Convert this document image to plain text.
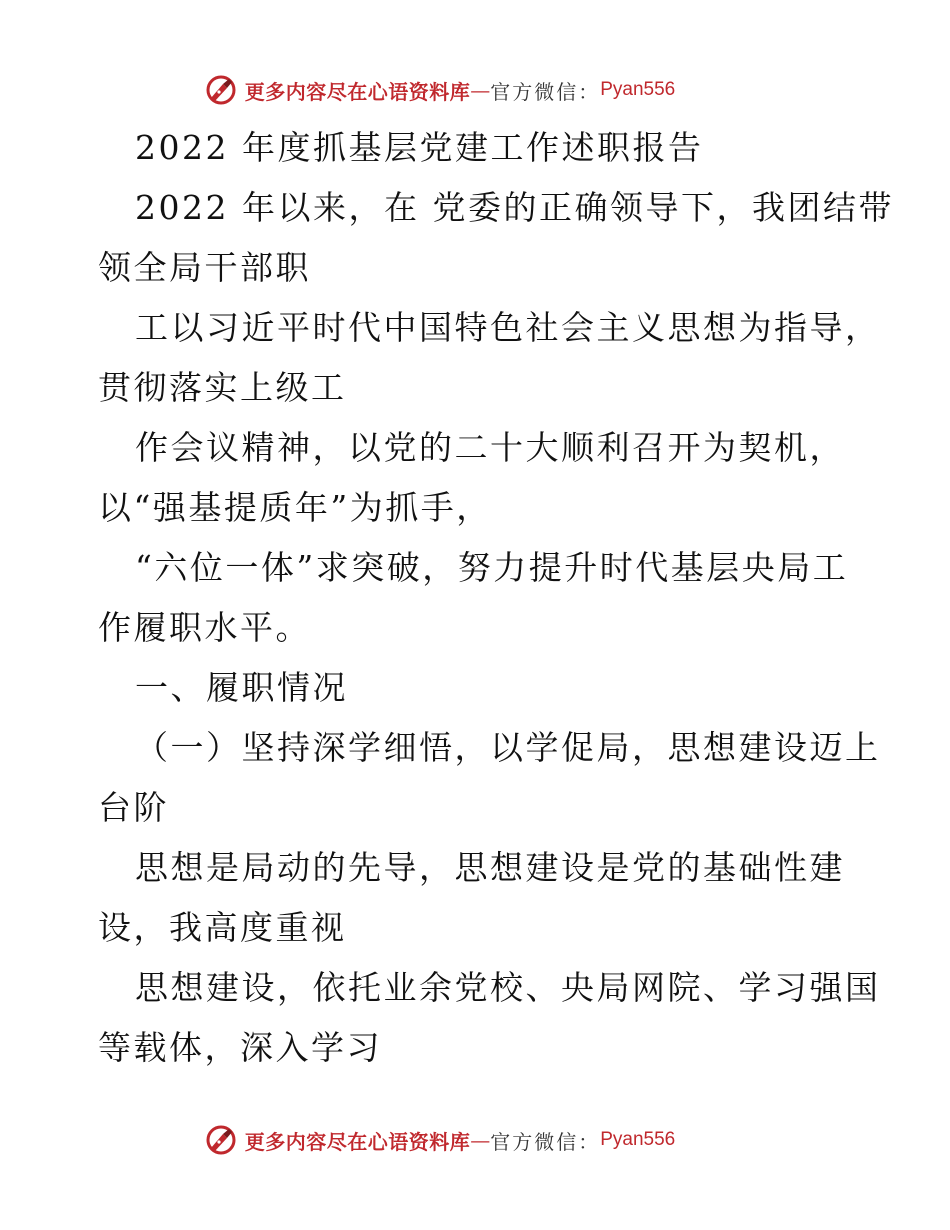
更多内容尽在心语资料库 — 官方微信： Pyan556

2022 年度抓基层党建工作述职报告

2022 年以来，在 党委的正确领导下，我团结带

领全局干部职

工以习近平时代中国特色社会主义思想为指导，

贯彻落实上级工

作会议精神，以党的二十大顺利召开为契机，

以“强基提质年”为抓手，

“六位一体”求突破，努力提升时代基层央局工

作履职水平。

一、履职情况

（一）坚持深学细悟，以学促局，思想建设迈上

台阶

思想是局动的先导，思想建设是党的基础性建

设，我高度重视

思想建设，依托业余党校、央局网院、学习强国

等载体，深入学习

更多内容尽在心语资料库 — 官方微信： Pyan556
